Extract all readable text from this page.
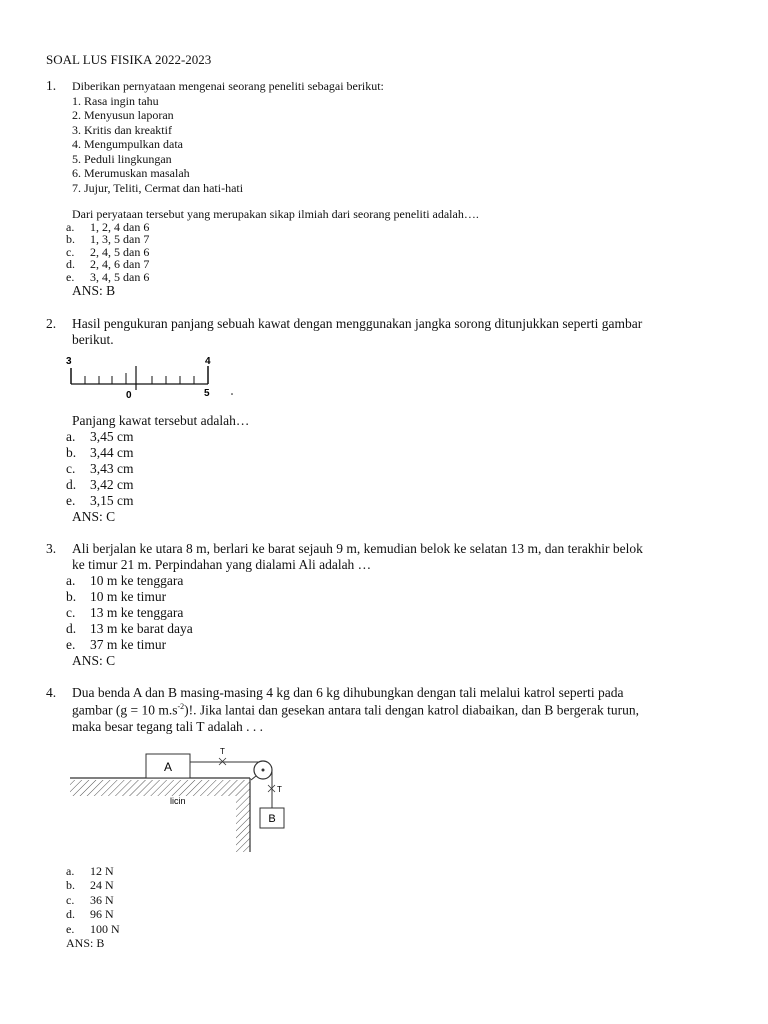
SOAL LUS FISIKA 2022-2023
1. Diberikan pernyataan mengenai seorang peneliti sebagai berikut:
1. Rasa ingin tahu
2. Menyusun laporan
3. Kritis dan kreaktif
4. Mengumpulkan data
5. Peduli lingkungan
6. Merumuskan masalah
7. Jujur, Teliti, Cermat dan hati-hati
Dari peryataan tersebut yang merupakan sikap ilmiah dari seorang peneliti adalah….
a. 1, 2, 4 dan 6
b. 1, 3, 5 dan 7
c. 2, 4, 5 dan 6
d. 2, 4, 6 dan 7
e. 3, 4, 5 dan 6
ANS: B
2. Hasil pengukuran panjang sebuah kawat dengan menggunakan jangka sorong ditunjukkan seperti gambar
berikut.
3	4
0	5
Panjang kawat tersebut adalah…
a. 3,45 cm
b. 3,44 cm
c. 3,43 cm
d. 3,42 cm
e. 3,15 cm
ANS: C
3. Ali berjalan ke utara 8 m, berlari ke barat sejauh 9 m, kemudian belok ke selatan 13 m, dan terakhir belok
ke timur 21 m. Perpindahan yang dialami Ali adalah …
a. 10 m ke tenggara
b. 10 m ke timur
c. 13 m ke tenggara
d. 13 m ke barat daya
e. 37 m ke timur
ANS: C
4. Dua benda A dan B masing-masing 4 kg dan 6 kg dihubungkan dengan tali melalui katrol seperti pada
gambar (g = 10 $m.s^{-2}$)!. Jika lantai dan gesekan antara tali dengan katrol diabaikan, dan B bergerak turun,
maka besar tegang tali T adalah . . .
A
T
T
B
licin
a. 12 N
b. 24 N
c. 36 N
d. 96 N
e. 100 N
ANS: B
